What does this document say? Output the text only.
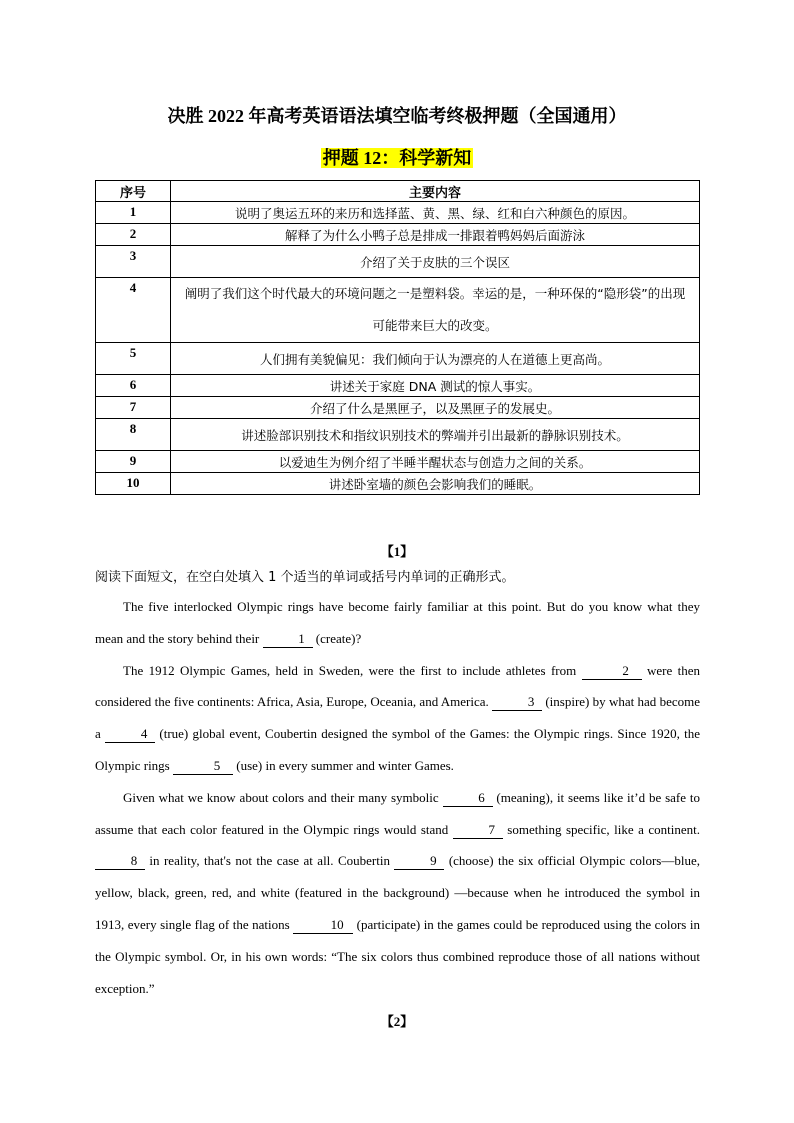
决胜 2022 年高考英语语法填空临考终极押题（全国通用）
押题 12：科学新知
序号	主要内容
1	说明了奥运五环的来历和选择蓝、黄、黑、绿、红和白六种颜色的原因。
2	解释了为什么小鸭子总是排成一排跟着鸭妈妈后面游泳
3	介绍了关于皮肤的三个误区
4	阐明了我们这个时代最大的环境问题之一是塑料袋。幸运的是，一种环保的“隐形袋”的出现可能带来巨大的改变。
5	人们拥有美貌偏见：我们倾向于认为漂亮的人在道德上更高尚。
6	讲述关于家庭 DNA 测试的惊人事实。
7	介绍了什么是黑匣子，以及黑匣子的发展史。
8	讲述脸部识别技术和指纹识别技术的弊端并引出最新的静脉识别技术。
9	以爱迪生为例介绍了半睡半醒状态与创造力之间的关系。
10	讲述卧室墙的颜色会影响我们的睡眠。
【1】
阅读下面短文，在空白处填入 1 个适当的单词或括号内单词的正确形式。

The five interlocked Olympic rings have become fairly familiar at this point. But do you know what they mean and the story behind their	1 (create)?

The 1912 Olympic Games, held in Sweden, were the first to include athletes from	2 were then considered the five continents: Africa, Asia, Europe, Oceania, and America.	3 (inspire) by what had become a	4 (true) global event, Coubertin designed the symbol of the Games: the Olympic rings. Since 1920, the Olympic rings	5 (use) in every summer and winter Games.

Given what we know about colors and their many symbolic	6 (meaning), it seems like it’d be safe to assume that each color featured in the Olympic rings would stand	7 something specific, like a continent. 8 in reality, that's not the case at all. Coubertin	9 (choose) the six official Olympic colors—blue, yellow, black, green, red, and white (featured in the background) —because when he introduced the symbol in 1913, every single flag of the nations	10 (participate) in the games could be reproduced using the colors in the Olympic symbol. Or, in his own words: “The six colors thus combined reproduce those of all nations without exception.”

【2】
